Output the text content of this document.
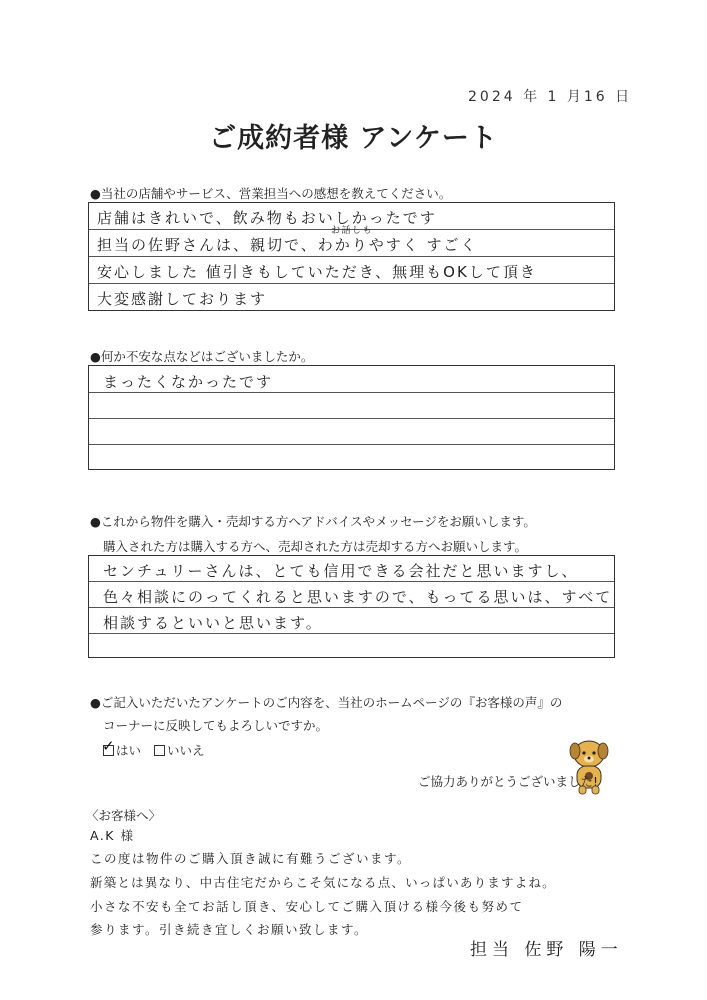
2024 年 1 月16 日
ご成約者様 アンケート
●当社の店舗やサービス、営業担当への感想を教えてください。
店舗はきれいで、飲み物もおいしかったです
担当の佐野さんは、親切で、わかりやすく すごく
安心しました 値引きもしていただき、無理もOKして頂き
大変感謝しております
お話しも
●何か不安な点などはございましたか。
まったくなかったです
●これから物件を購入・売却する方へアドバイスやメッセージをお願いします。
購入された方は購入する方へ、売却された方は売却する方へお願いします。
センチュリーさんは、とても信用できる会社だと思いますし、
色々相談にのってくれると思いますので、もってる思いは、すべて
相談するといいと思います。
●ご記入いただいたアンケートのご内容を、当社のホームページの『お客様の声』の
コーナーに反映してもよろしいですか。
✓ はい	いいえ
ご協力ありがとうございました!
〈お客様へ〉
A.K 様
この度は物件のご購入頂き誠に有難うございます。
新築とは異なり、中古住宅だからこそ気になる点、いっぱいありますよね。
小さな不安も全てお話し頂き、安心してご購入頂ける様今後も努めて
参ります。引き続き宜しくお願い致します。
担当 佐野 陽一
